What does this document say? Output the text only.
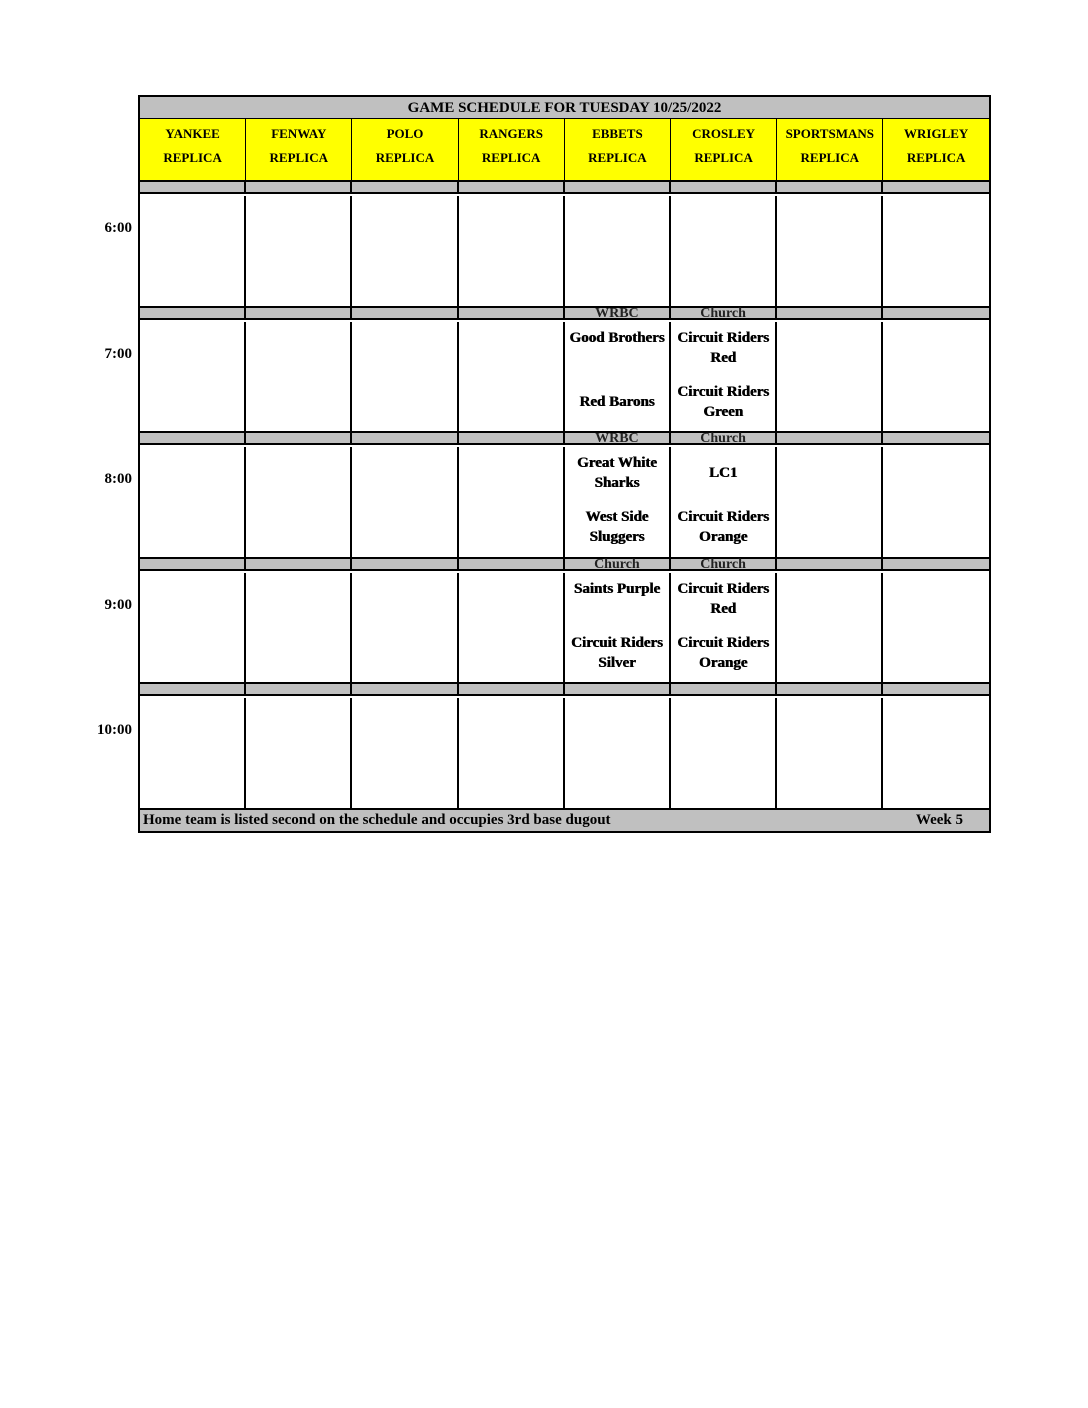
6:00
7:00
8:00
9:00
10:00
GAME SCHEDULE FOR TUESDAY 10/25/2022
YANKEE
REPLICA
FENWAY
REPLICA
POLO
REPLICA
RANGERS
REPLICA
EBBETS
REPLICA
WRBC
Good Brothers
Red Barons
WRBC
Great White Sharks
West Side Sluggers
Church
Saints Purple
Circuit Riders Silver
CROSLEY
REPLICA
Church
Circuit Riders Red
Circuit Riders Green
Church
LC1
Circuit Riders Orange
Church
Circuit Riders Red
Circuit Riders Orange
SPORTSMANS
REPLICA
WRIGLEY
REPLICA
Home team is listed second on the schedule and occupies 3rd base dugout	Week 5
